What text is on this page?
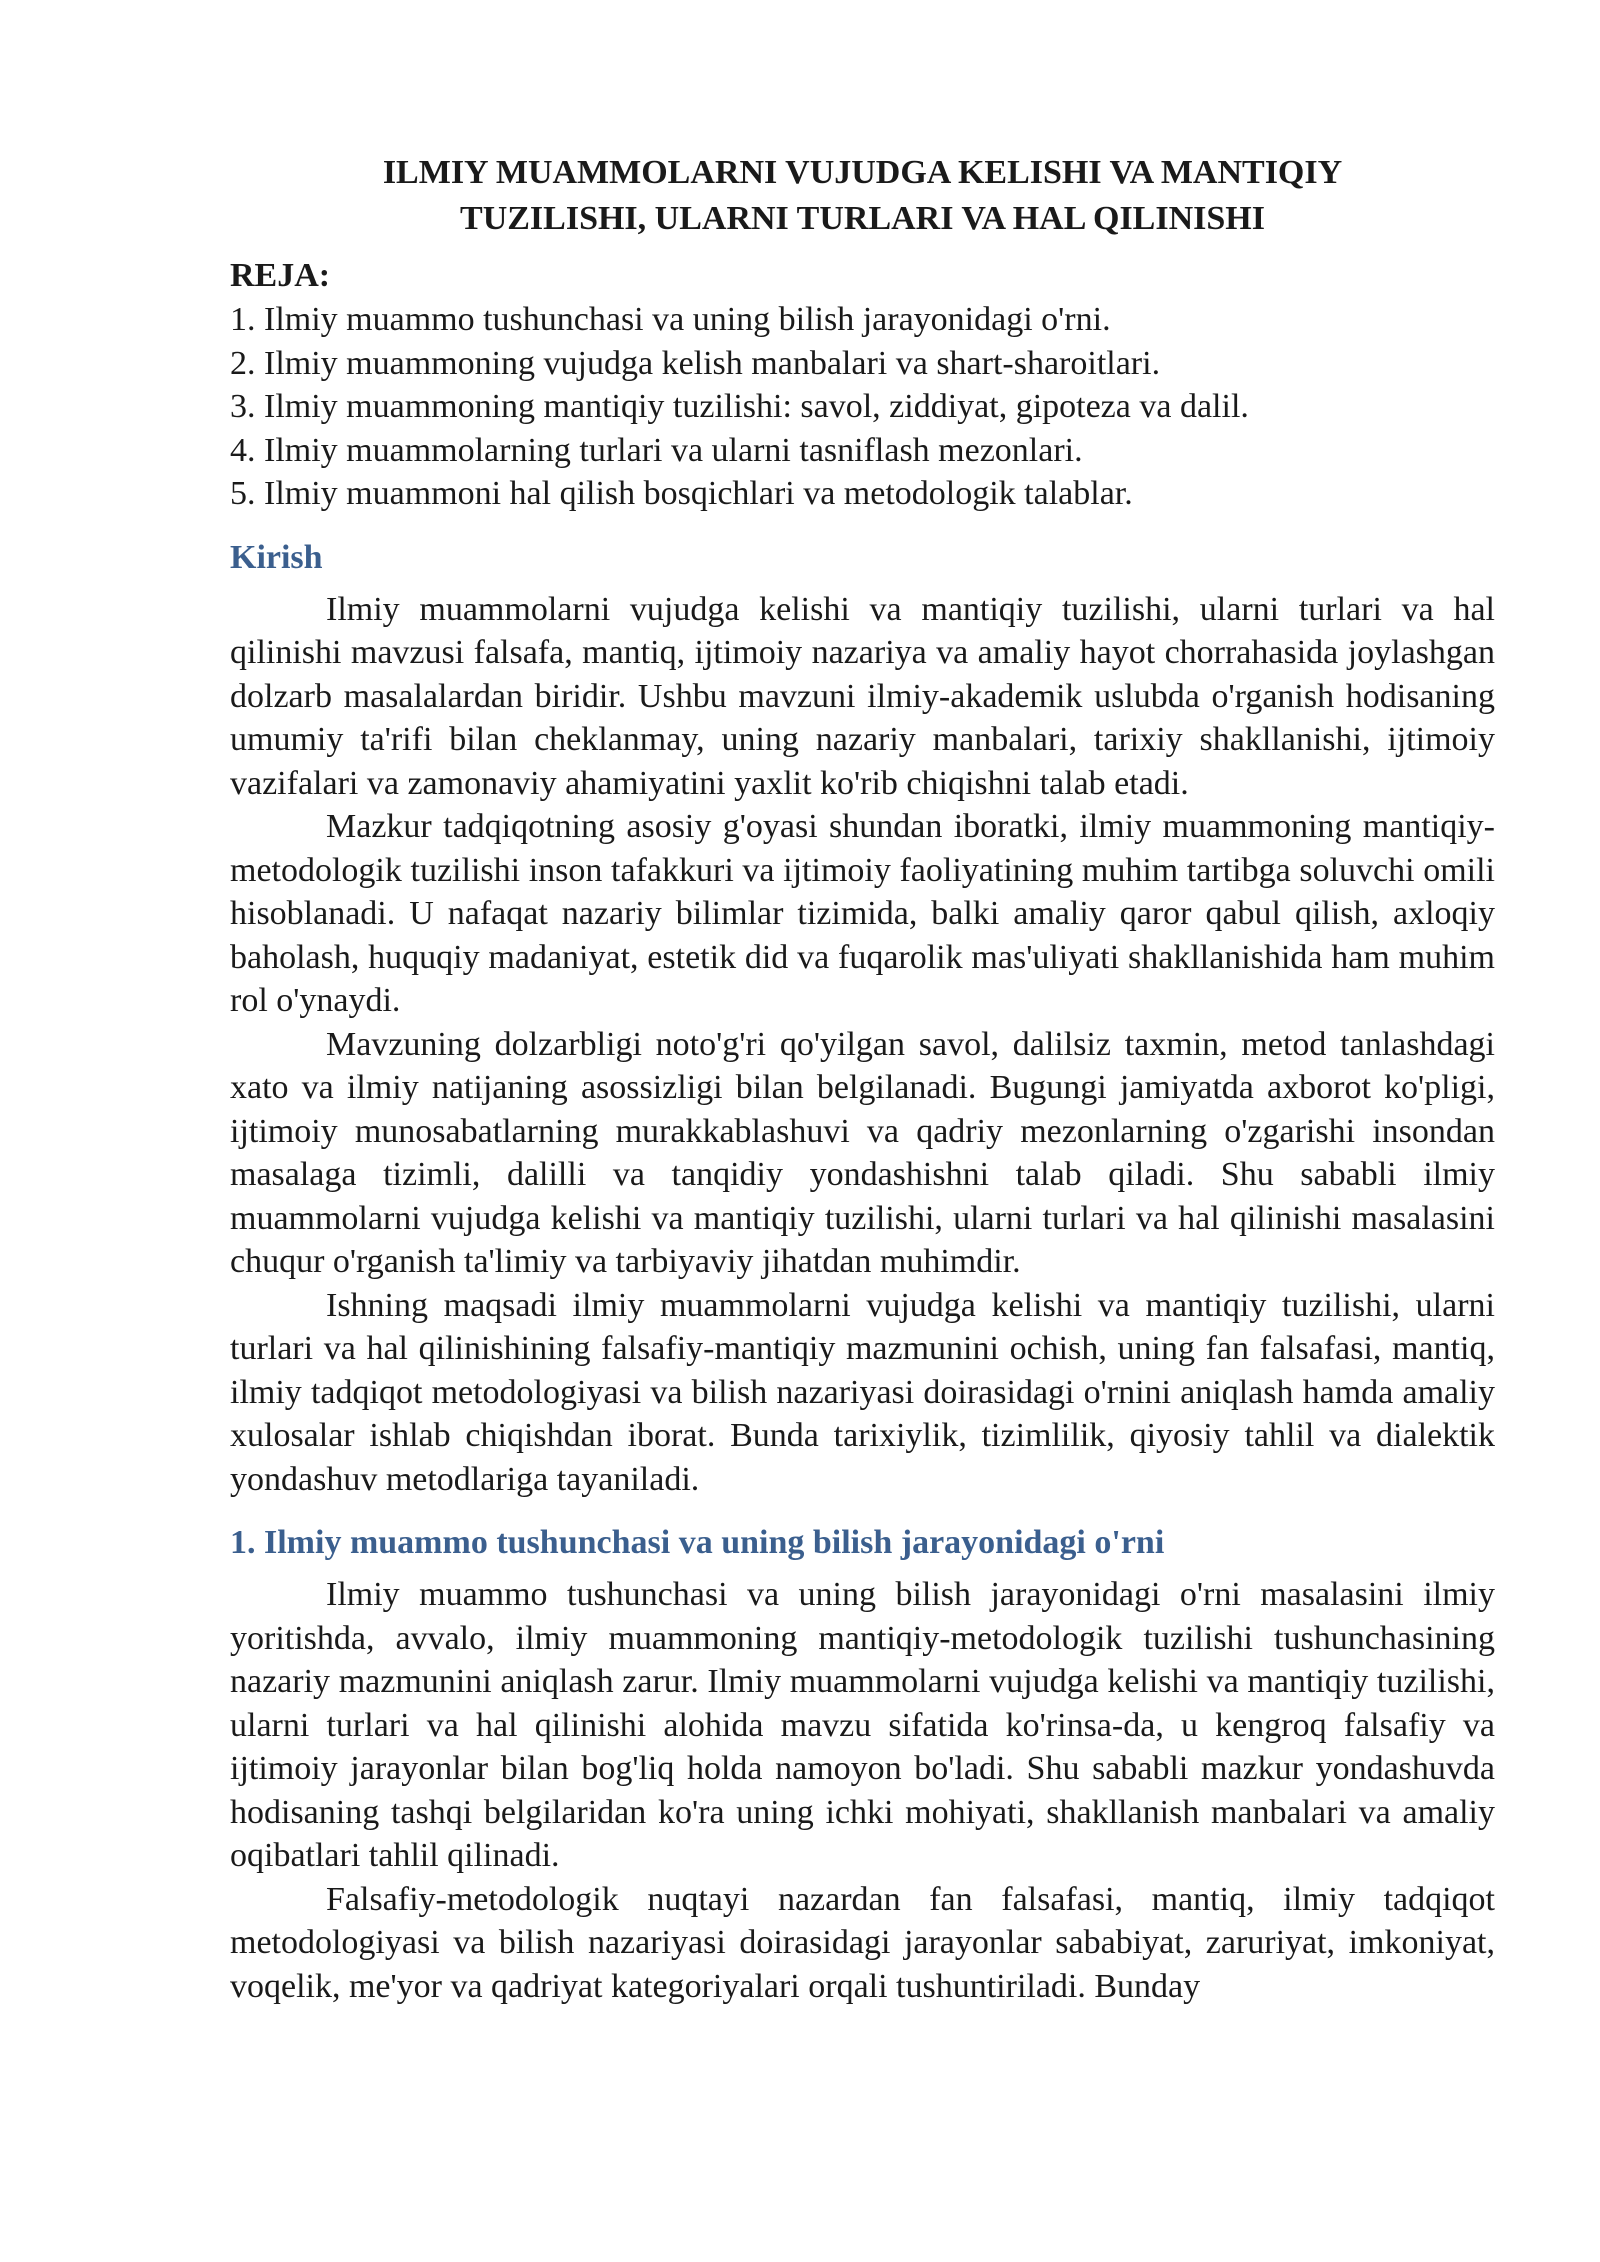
ILMIY MUAMMOLARNI VUJUDGA KELISHI VA MANTIQIY
TUZILISHI, ULARNI TURLARI VA HAL QILINISHI
REJA:
1. Ilmiy muammo tushunchasi va uning bilish jarayonidagi o'rni.
2. Ilmiy muammoning vujudga kelish manbalari va shart-sharoitlari.
3. Ilmiy muammoning mantiqiy tuzilishi: savol, ziddiyat, gipoteza va dalil.
4. Ilmiy muammolarning turlari va ularni tasniflash mezonlari.
5. Ilmiy muammoni hal qilish bosqichlari va metodologik talablar.
Kirish

Ilmiy muammolarni vujudga kelishi va mantiqiy tuzilishi, ularni turlari va hal qilinishi mavzusi falsafa, mantiq, ijtimoiy nazariya va amaliy hayot chorrahasida joylashgan dolzarb masalalardan biridir. Ushbu mavzuni ilmiy-akademik uslubda o'rganish hodisaning umumiy ta'rifi bilan cheklanmay, uning nazariy manbalari, tarixiy shakllanishi, ijtimoiy vazifalari va zamonaviy ahamiyatini yaxlit ko'rib chiqishni talab etadi.

Mazkur tadqiqotning asosiy g'oyasi shundan iboratki, ilmiy muammoning mantiqiy-metodologik tuzilishi inson tafakkuri va ijtimoiy faoliyatining muhim tartibga soluvchi omili hisoblanadi. U nafaqat nazariy bilimlar tizimida, balki amaliy qaror qabul qilish, axloqiy baholash, huquqiy madaniyat, estetik did va fuqarolik mas'uliyati shakllanishida ham muhim rol o'ynaydi.

Mavzuning dolzarbligi noto'g'ri qo'yilgan savol, dalilsiz taxmin, metod tanlashdagi xato va ilmiy natijaning asossizligi bilan belgilanadi. Bugungi jamiyatda axborot ko'pligi, ijtimoiy munosabatlarning murakkablashuvi va qadriy mezonlarning o'zgarishi insondan masalaga tizimli, dalilli va tanqidiy yondashishni talab qiladi. Shu sababli ilmiy muammolarni vujudga kelishi va mantiqiy tuzilishi, ularni turlari va hal qilinishi masalasini chuqur o'rganish ta'limiy va tarbiyaviy jihatdan muhimdir.

Ishning maqsadi ilmiy muammolarni vujudga kelishi va mantiqiy tuzilishi, ularni turlari va hal qilinishining falsafiy-mantiqiy mazmunini ochish, uning fan falsafasi, mantiq, ilmiy tadqiqot metodologiyasi va bilish nazariyasi doirasidagi o'rnini aniqlash hamda amaliy xulosalar ishlab chiqishdan iborat. Bunda tarixiylik, tizimlilik, qiyosiy tahlil va dialektik yondashuv metodlariga tayaniladi.

1. Ilmiy muammo tushunchasi va uning bilish jarayonidagi o'rni

Ilmiy muammo tushunchasi va uning bilish jarayonidagi o'rni masalasini ilmiy yoritishda, avvalo, ilmiy muammoning mantiqiy-metodologik tuzilishi tushunchasining nazariy mazmunini aniqlash zarur. Ilmiy muammolarni vujudga kelishi va mantiqiy tuzilishi, ularni turlari va hal qilinishi alohida mavzu sifatida ko'rinsa-da, u kengroq falsafiy va ijtimoiy jarayonlar bilan bog'liq holda namoyon bo'ladi. Shu sababli mazkur yondashuvda hodisaning tashqi belgilaridan ko'ra uning ichki mohiyati, shakllanish manbalari va amaliy oqibatlari tahlil qilinadi.

Falsafiy-metodologik nuqtayi nazardan fan falsafasi, mantiq, ilmiy tadqiqot metodologiyasi va bilish nazariyasi doirasidagi jarayonlar sababiyat, zaruriyat, imkoniyat, voqelik, me'yor va qadriyat kategoriyalari orqali tushuntiriladi. Bunday
